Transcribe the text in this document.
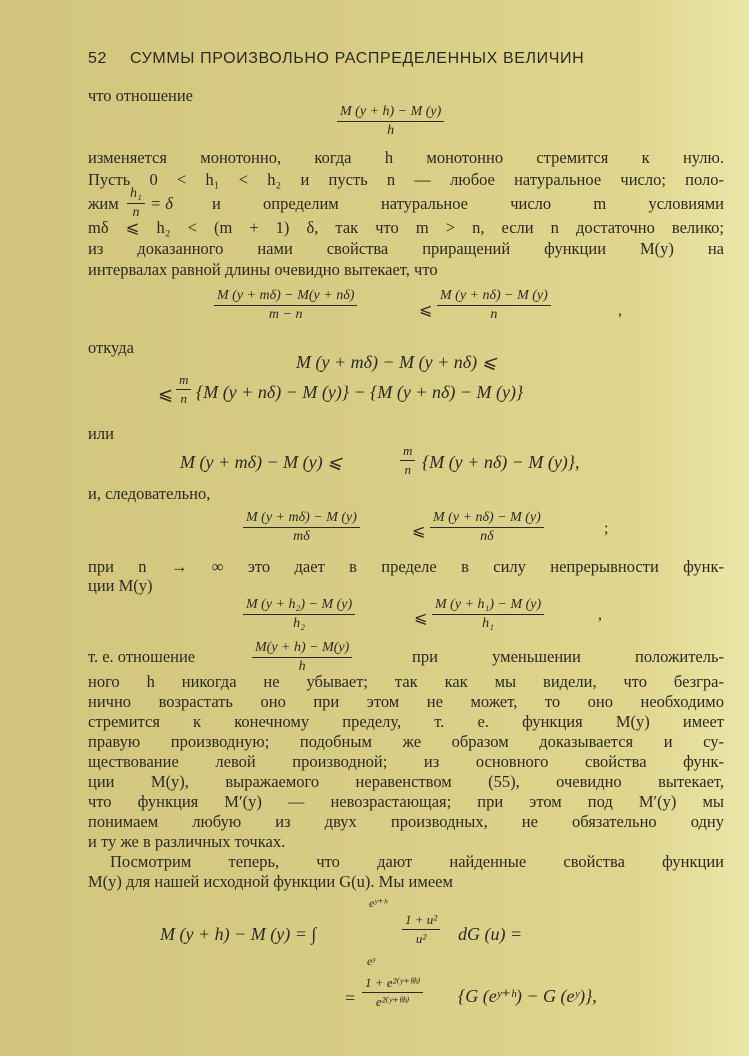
52 СУММЫ ПРОИЗВОЛЬНО РАСПРЕДЕЛЕННЫХ ВЕЛИЧИН
что отношение
$\frac{M (y + h) - M (y)}{h}$
изменяется монотонно, когда h монотонно стремится к нулю.
Пусть 0 < h₁ < h₂ и пусть n — любое натуральное число; поло-
жим $\frac{\text{h₁}}{n} = \delta$ и определим натуральное число m условиями
mδ ⩽ h₂ < (m + 1) δ, так что m > n, если n достаточно велико;
из доказанного нами свойства приращений функции M(y) на
интервалах равной длины очевидно вытекает, что
$\frac{M (y + m\delta) - M(y + n\delta)}{m - n}$	⩽ $\frac{M (y + n\delta) - M (y)}{n}$	,
откуда
M (y + mδ) − M (y + nδ) ⩽
⩽ $\frac{m}{n} \{M$ (y + nδ) − M (y)} − {M (y + nδ) − M (y)}
или
M (y + mδ) − M (y) ⩽	$\frac{m}{n} \{M$ (y + nδ) − M (y)},
и, следовательно,
$\frac{M (y + m\delta) - M (y)}{m\delta}$	⩽ $\frac{M (y + n\delta) - M (y)}{n\delta}$	;
при n → ∞ это дает в пределе в силу непрерывности функ-
ции M(y)
$\frac{\text{M (y + h₂) − M (y)}}{\text{h₂}}$	⩽ $\frac{\text{M (y + h₁) − M (y)}}{\text{h₁}}$	,
т. е. отношение	$\frac{M(y + h) - M(y)}{h}$	при уменьшении положитель-
ного h никогда не убывает; так как мы видели, что безгра-
нично возрастать оно при этом не может, то оно необходимо
стремится к конечному пределу, т. е. функция M(y) имеет
правую производную; подобным же образом доказывается и су-
ществование левой производной; из основного свойства функ-
ции M(y), выражаемого неравенством (55), очевидно вытекает,
что функция M′(y) — невозрастающая; при этом под M′(y) мы
понимаем любую из двух производных, не обязательно одну
и ту же в различных точках.
Посмотрим теперь, что дают найденные свойства функции
M(y) для нашей исходной функции G(u). Мы имеем
eʸ⁺ʰ
M (y + h) − M (y) = ∫	$\frac{\text{1 + u²}}{\text{u²}}$ dG (u) =
eʸ
= $\frac{\text{1 + e²⁽ʸ⁺ᶿʰ⁾}}{\text{e²⁽ʸ⁺ᶿʰ⁾}} \{G$ (eʸ⁺ʰ) − G (eʸ)},
